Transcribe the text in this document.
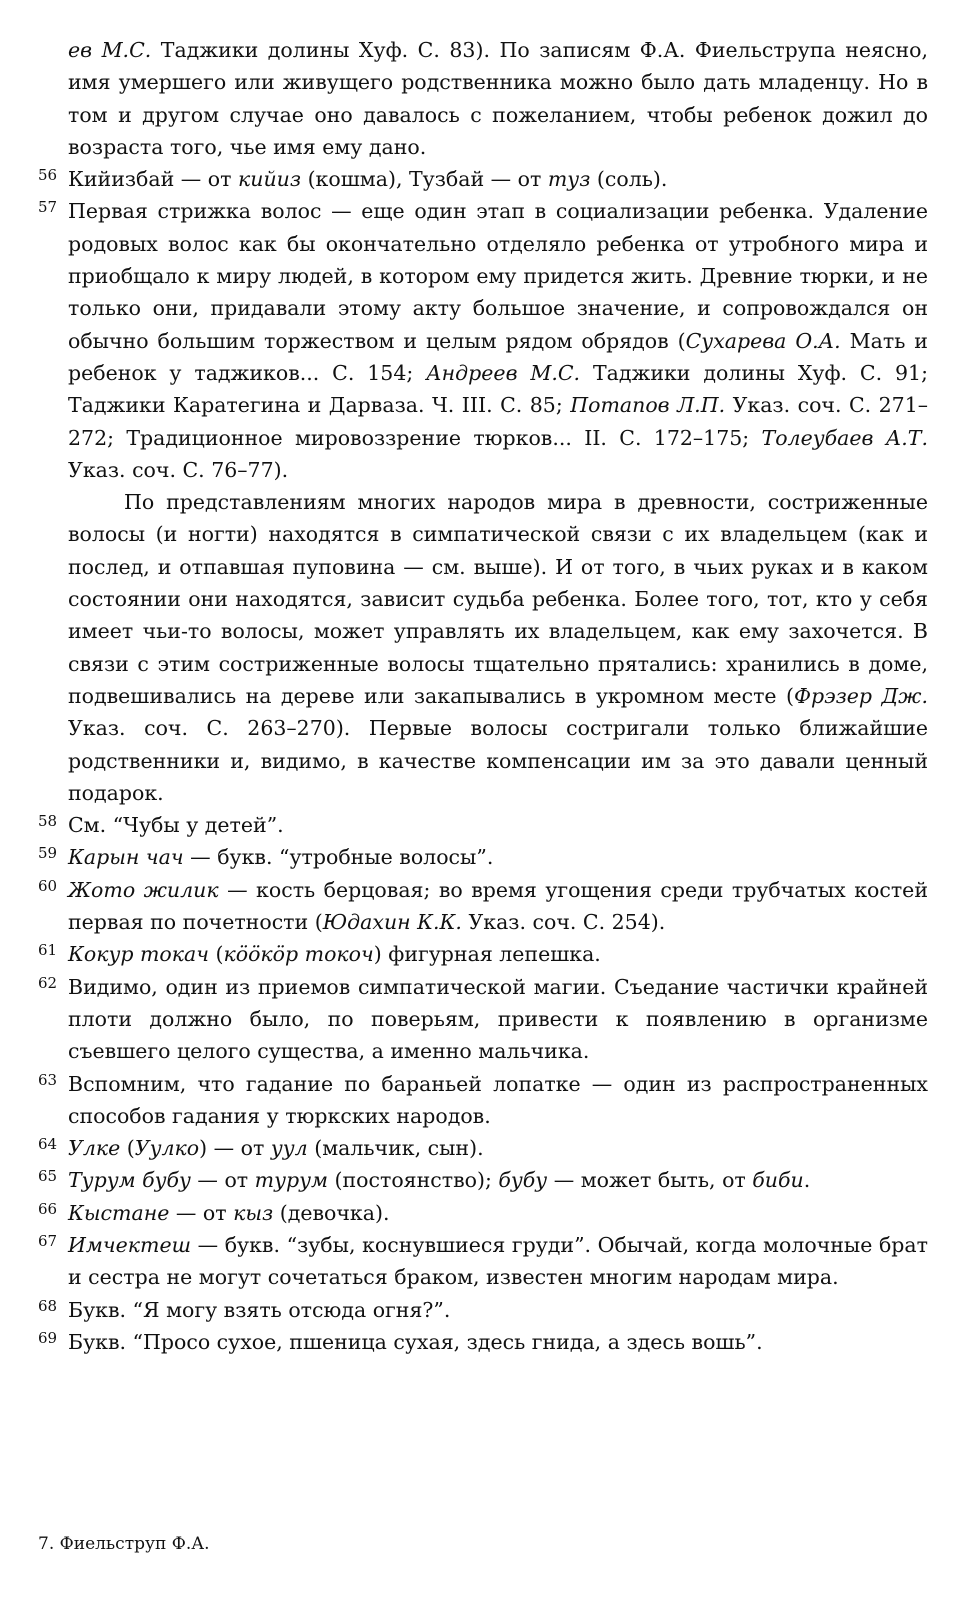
ев М.С. Таджики долины Хуф. С. 83). По записям Ф.А. Фиельструпа неясно, имя умершего или живущего родственника можно было дать младенцу. Но в том и другом случае оно давалось с пожеланием, чтобы ребенок дожил до возраста того, чье имя ему дано.

56 Кийизбай — от кийиз (кошма), Тузбай — от туз (соль).

57 Первая стрижка волос — еще один этап в социализации ребенка. Удаление родовых волос как бы окончательно отделяло ребенка от утробного мира и приобщало к миру людей, в котором ему придется жить. Древние тюрки, и не только они, придавали этому акту большое значение, и сопровождался он обычно большим торжеством и целым рядом обрядов (Сухарева О.А. Мать и ребенок у таджиков... С. 154; Андреев М.С. Таджики долины Хуф. С. 91; Таджики Каратегина и Дарваза. Ч. III. С. 85; Потапов Л.П. Указ. соч. С. 271–272; Традиционное мировоззрение тюрков... II. С. 172–175; Толеубаев А.Т. Указ. соч. С. 76–77).

По представлениям многих народов мира в древности, состриженные волосы (и ногти) находятся в симпатической связи с их владельцем (как и послед, и отпавшая пуповина — см. выше). И от того, в чьих руках и в каком состоянии они находятся, зависит судьба ребенка. Более того, тот, кто у себя имеет чьи-то волосы, может управлять их владельцем, как ему захочется. В связи с этим состриженные волосы тщательно прятались: хранились в доме, подвешивались на дереве или закапывались в укромном месте (Фрэзер Дж. Указ. соч. С. 263–270). Первые волосы состригали только ближайшие родственники и, видимо, в качестве компенсации им за это давали ценный подарок.

58 См. “Чубы у детей”.

59 Карын чач — букв. “утробные волосы”.

60 Жото жилик — кость берцовая; во время угощения среди трубчатых костей первая по почетности (Юдахин К.К. Указ. соч. С. 254).

61 Кокур токач (кööкöр токоч) фигурная лепешка.

62 Видимо, один из приемов симпатической магии. Съедание частички крайней плоти должно было, по поверьям, привести к появлению в организме съевшего целого существа, а именно мальчика.

63 Вспомним, что гадание по бараньей лопатке — один из распространенных способов гадания у тюркских народов.

64 Улке (Уулко) — от уул (мальчик, сын).

65 Турум бубу — от турум (постоянство); бубу — может быть, от биби.

66 Кыстане — от кыз (девочка).

67 Имчектеш — букв. “зубы, коснувшиеся груди”. Обычай, когда молочные брат и сестра не могут сочетаться браком, известен многим народам мира.

68 Букв. “Я могу взять отсюда огня?”.

69 Букв. “Просо сухое, пшеница сухая, здесь гнида, а здесь вошь”.

7. Фиельструп Ф.А.
